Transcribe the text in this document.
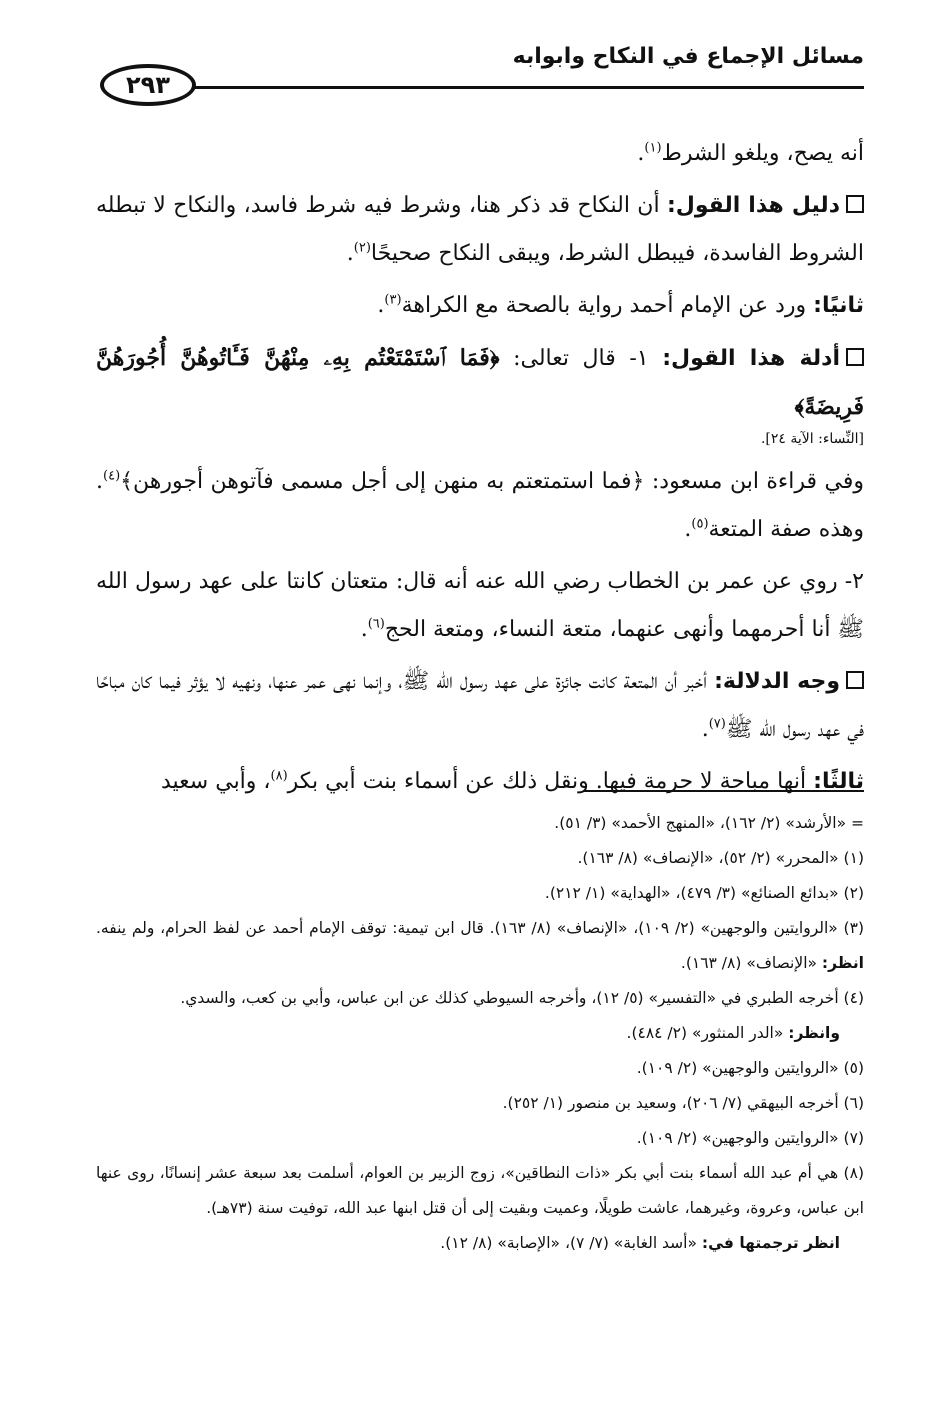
مسائل الإجماع في النكاح وابوابه
٢٩٣

أنه يصح، ويلغو الشرط$^{(١)}$.

دليل هذا القول: أن النكاح قد ذكر هنا، وشرط فيه شرط فاسد، والنكاح لا تبطله الشروط الفاسدة، فيبطل الشرط، ويبقى النكاح صحيحًا$^{(٢)}$.

ثانيًا: ورد عن الإمام أحمد رواية بالصحة مع الكراهة$^{(٣)}$.

أدلة هذا القول: ١- قال تعالى: ﴿فَمَا ٱسْتَمْتَعْتُم بِهِۦ مِنْهُنَّ فَـَٔاتُوهُنَّ أُجُورَهُنَّ فَرِيضَةً﴾
[النِّساء: الآية ٢٤].

وفي قراءة ابن مسعود: ﴿فما استمتعتم به منهن إلى أجل مسمى فآتوهن أجورهن﴾$^{(٤)}$. وهذه صفة المتعة$^{(٥)}$.

٢- روي عن عمر بن الخطاب رضي الله عنه أنه قال: متعتان كانتا على عهد رسول الله ﷺ أنا أحرمهما وأنهى عنهما، متعة النساء، ومتعة الحج$^{(٦)}$.

وجه الدلالة: أخبر أن المتعة كانت جائزة على عهد رسول الله ﷺ، وإنما نهى عمر عنها، ونهيه لا يؤثر فيما كان مباحًا في عهد رسول الله ﷺ$^{(٧)}$.

ثالثًا: أنها مباحة لا حرمة فيها. ونقل ذلك عن أسماء بنت أبي بكر$^{(٨)}$، وأبي سعيد

= «الأرشد» (٢/ ١٦٢)، «المنهج الأحمد» (٣/ ٥١).

(١) «المحرر» (٢/ ٥٢)، «الإنصاف» (٨/ ١٦٣).

(٢) «بدائع الصنائع» (٣/ ٤٧٩)، «الهداية» (١/ ٢١٢).

(٣) «الروايتين والوجهين» (٢/ ١٠٩)، «الإنصاف» (٨/ ١٦٣). قال ابن تيمية: توقف الإمام أحمد عن لفظ الحرام، ولم ينفه. انظر: «الإنصاف» (٨/ ١٦٣).

(٤) أخرجه الطبري في «التفسير» (٥/ ١٢)، وأخرجه السيوطي كذلك عن ابن عباس، وأبي بن كعب، والسدي.

وانظر: «الدر المنثور» (٢/ ٤٨٤).

(٥) «الروايتين والوجهين» (٢/ ١٠٩).

(٦) أخرجه البيهقي (٧/ ٢٠٦)، وسعيد بن منصور (١/ ٢٥٢).

(٧) «الروايتين والوجهين» (٢/ ١٠٩).

(٨) هي أم عبد الله أسماء بنت أبي بكر «ذات النطاقين»، زوج الزبير بن العوام، أسلمت بعد سبعة عشر إنسانًا، روى عنها ابن عباس، وعروة، وغيرهما، عاشت طويلًا، وعميت وبقيت إلى أن قتل ابنها عبد الله، توفيت سنة (٧٣هـ).

انظر ترجمتها في: «أسد الغابة» (٧/ ٧)، «الإصابة» (٨/ ١٢).
